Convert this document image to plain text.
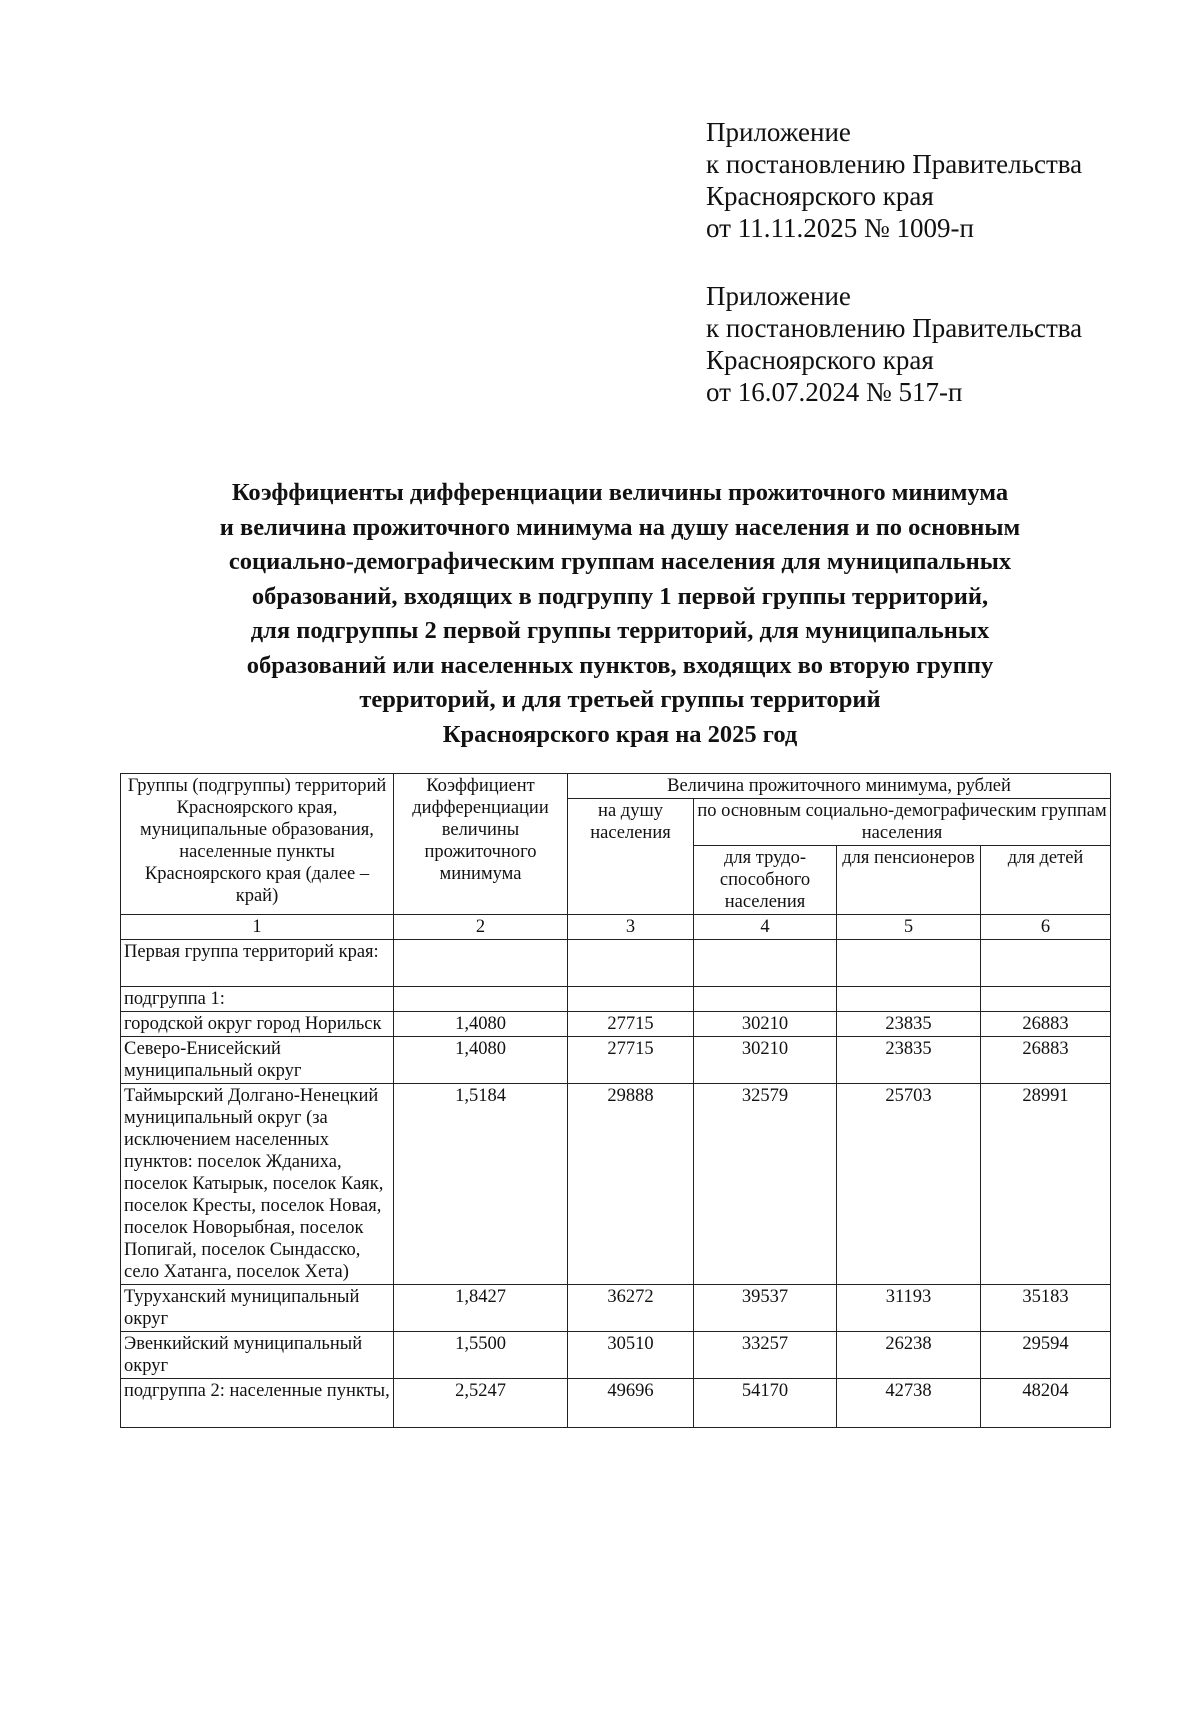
Приложение
к постановлению Правительства
Красноярского края
от 11.11.2025 № 1009-п
Приложение
к постановлению Правительства
Красноярского края
от 16.07.2024 № 517-п
Коэффициенты дифференциации величины прожиточного минимума
и величина прожиточного минимума на душу населения и по основным
социально-демографическим группам населения для муниципальных
образований, входящих в подгруппу 1 первой группы территорий,
для подгруппы 2 первой группы территорий, для муниципальных
образований или населенных пунктов, входящих во вторую группу
территорий, и для третьей группы территорий
Красноярского края на 2025 год
Группы (подгруппы) территорий Красноярского края, муниципальные образования, населенные пункты Красноярского края (далее – край)	Коэффициент дифференциации величины прожиточного минимума	Величина прожиточного минимума, рублей			
		на душу населения	по основным социально-демографическим группам населения		
			для трудо-способного населения	для пенсионеров	для детей
1	2	3	4	5	6
Первая группа территорий края:					
подгруппа 1:					
городской округ город Норильск	1,4080	27715	30210	23835	26883
Северо-Енисейский муниципальный округ	1,4080	27715	30210	23835	26883
Таймырский Долгано-Ненецкий муниципальный округ (за исключением населенных пунктов: поселок Жданиха, поселок Катырык, поселок Каяк, поселок Кресты, поселок Новая, поселок Новорыбная, поселок Попигай, поселок Сындасско, село Хатанга, поселок Хета)	1,5184	29888	32579	25703	28991
Туруханский муниципальный округ	1,8427	36272	39537	31193	35183
Эвенкийский муниципальный округ	1,5500	30510	33257	26238	29594
подгруппа 2: населенные пункты,	2,5247	49696	54170	42738	48204
